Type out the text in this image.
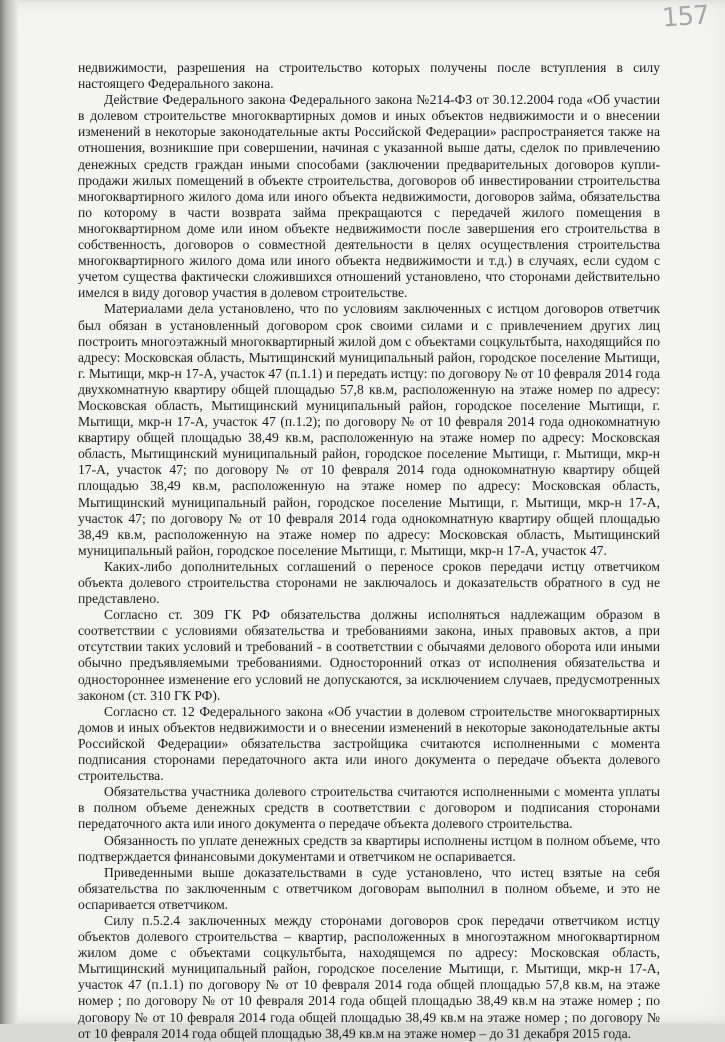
157

недвижимости, разрешения на строительство которых получены после вступления в силу настоящего Федерального закона.

Действие Федерального закона Федерального закона №214-ФЗ от 30.12.2004 года «Об участии в долевом строительстве многоквартирных домов и иных объектов недвижимости и о внесении изменений в некоторые законодательные акты Российской Федерации» распространяется также на отношения, возникшие при совершении, начиная с указанной выше даты, сделок по привлечению денежных средств граждан иными способами (заключении предварительных договоров купли-продажи жилых помещений в объекте строительства, договоров об инвестировании строительства многоквартирного жилого дома или иного объекта недвижимости, договоров займа, обязательства по которому в части возврата займа прекращаются с передачей жилого помещения в многоквартирном доме или ином объекте недвижимости после завершения его строительства в собственность, договоров о совместной деятельности в целях осуществления строительства многоквартирного жилого дома или иного объекта недвижимости и т.д.) в случаях, если судом с учетом существа фактически сложившихся отношений установлено, что сторонами действительно имелся в виду договор участия в долевом строительстве.

Материалами дела установлено, что по условиям заключенных с истцом договоров ответчик был обязан в установленный договором срок своими силами и с привлечением других лиц построить многоэтажный многоквартирный жилой дом с объектами соцкультбыта, находящийся по адресу: Московская область, Мытищинский муниципальный район, городское поселение Мытищи, г. Мытищи, мкр-н 17-А, участок 47 (п.1.1) и передать истцу: по договору № от 10 февраля 2014 года двухкомнатную квартиру общей площадью 57,8 кв.м, расположенную на этаже номер по адресу: Московская область, Мытищинский муниципальный район, городское поселение Мытищи, г. Мытищи, мкр-н 17-А, участок 47 (п.1.2); по договору № от 10 февраля 2014 года однокомнатную квартиру общей площадью 38,49 кв.м, расположенную на этаже номер по адресу: Московская область, Мытищинский муниципальный район, городское поселение Мытищи, г. Мытищи, мкр-н 17-А, участок 47; по договору № от 10 февраля 2014 года однокомнатную квартиру общей площадью 38,49 кв.м, расположенную на этаже номер по адресу: Московская область, Мытищинский муниципальный район, городское поселение Мытищи, г. Мытищи, мкр-н 17-А, участок 47; по договору № от 10 февраля 2014 года однокомнатную квартиру общей площадью 38,49 кв.м, расположенную на этаже номер по адресу: Московская область, Мытищинский муниципальный район, городское поселение Мытищи, г. Мытищи, мкр-н 17-А, участок 47.

Каких-либо дополнительных соглашений о переносе сроков передачи истцу ответчиком объекта долевого строительства сторонами не заключалось и доказательств обратного в суд не представлено.

Согласно ст. 309 ГК РФ обязательства должны исполняться надлежащим образом в соответствии с условиями обязательства и требованиями закона, иных правовых актов, а при отсутствии таких условий и требований - в соответствии с обычаями делового оборота или иными обычно предъявляемыми требованиями. Односторонний отказ от исполнения обязательства и одностороннее изменение его условий не допускаются, за исключением случаев, предусмотренных законом (ст. 310 ГК РФ).

Согласно ст. 12 Федерального закона «Об участии в долевом строительстве многоквартирных домов и иных объектов недвижимости и о внесении изменений в некоторые законодательные акты Российской Федерации» обязательства застройщика считаются исполненными с момента подписания сторонами передаточного акта или иного документа о передаче объекта долевого строительства.

Обязательства участника долевого строительства считаются исполненными с момента уплаты в полном объеме денежных средств в соответствии с договором и подписания сторонами передаточного акта или иного документа о передаче объекта долевого строительства.

Обязанность по уплате денежных средств за квартиры исполнены истцом в полном объеме, что подтверждается финансовыми документами и ответчиком не оспаривается.

Приведенными выше доказательствами в суде установлено, что истец взятые на себя обязательства по заключенным с ответчиком договорам выполнил в полном объеме, и это не оспаривается ответчиком.

Силу п.5.2.4 заключенных между сторонами договоров срок передачи ответчиком истцу объектов долевого строительства – квартир, расположенных в многоэтажном многоквартирном жилом доме с объектами соцкультбыта, находящемся по адресу: Московская область, Мытищинский муниципальный район, городское поселение Мытищи, г. Мытищи, мкр-н 17-А, участок 47 (п.1.1) по договору № от 10 февраля 2014 года общей площадью 57,8 кв.м, на этаже номер ; по договору № от 10 февраля 2014 года общей площадью 38,49 кв.м на этаже номер ; по договору № от 10 февраля 2014 года общей площадью 38,49 кв.м на этаже номер ; по договору № от 10 февраля 2014 года общей площадью 38,49 кв.м на этаже номер – до 31 декабря 2015 года.
